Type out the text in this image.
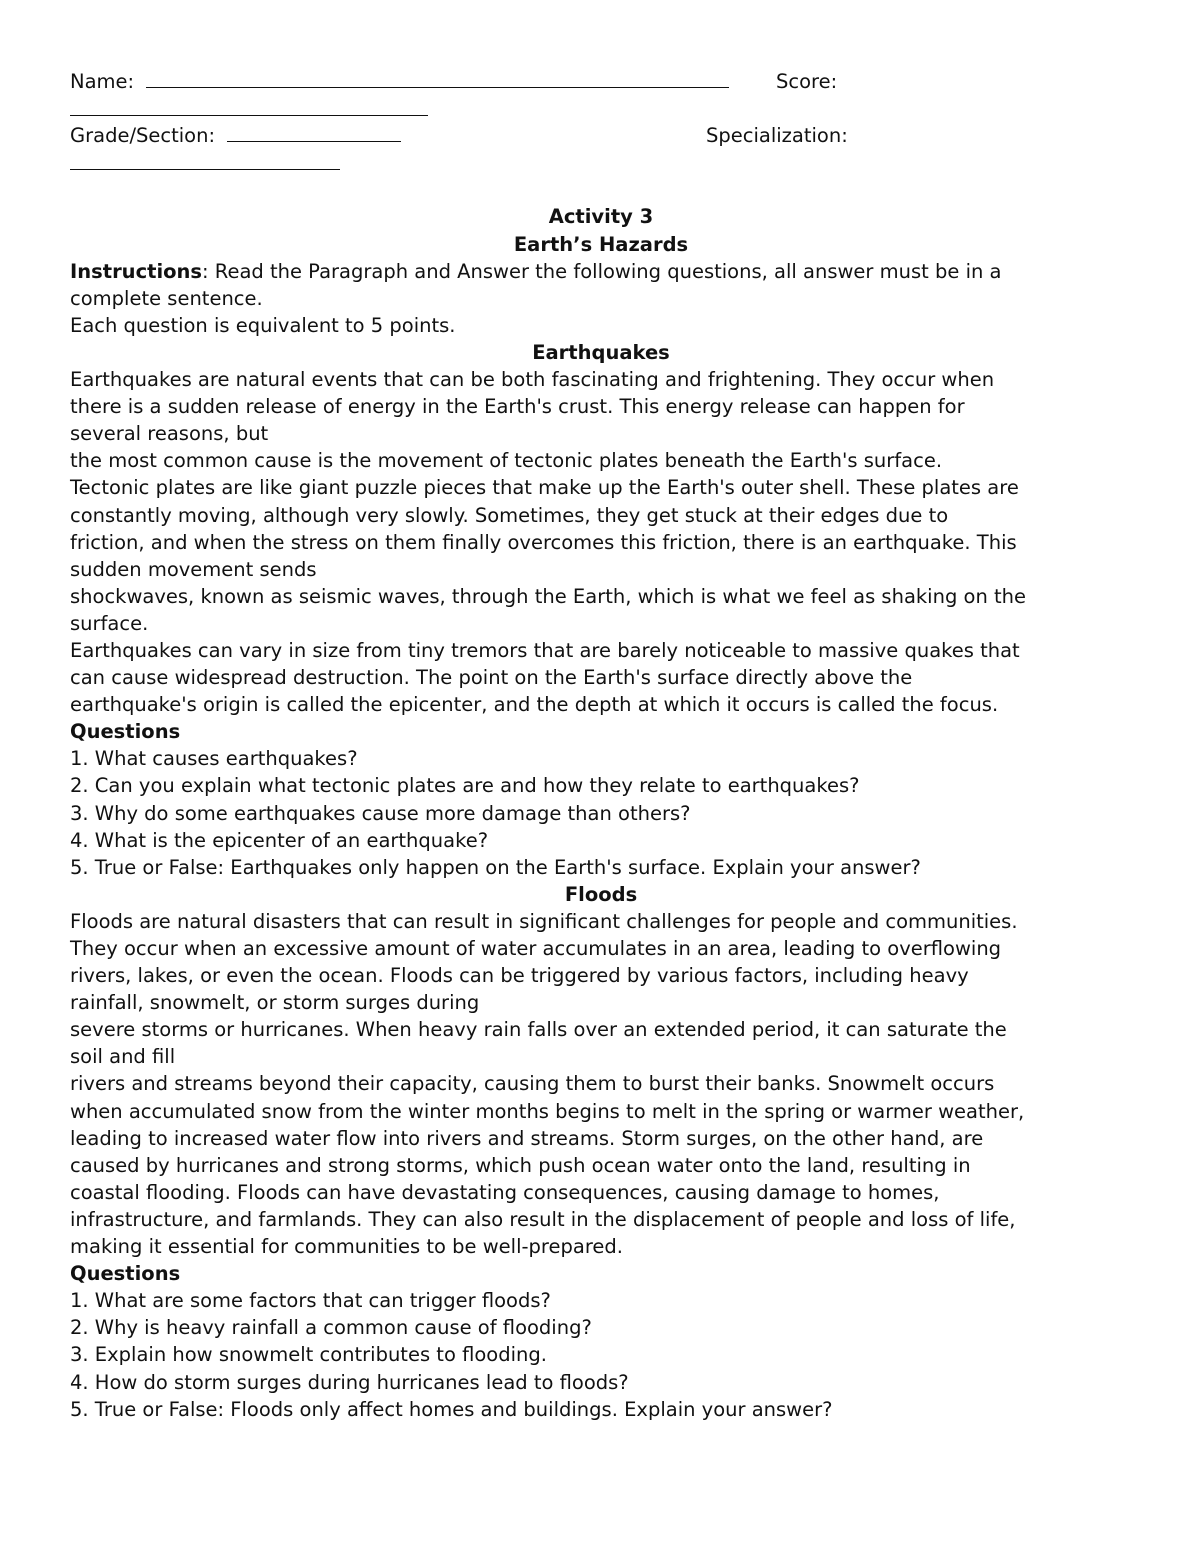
Name:	Score:
Grade/Section:	Specialization:
Activity 3
Earth’s Hazards
Instructions: Read the Paragraph and Answer the following questions, all answer must be in a
complete sentence.
Each question is equivalent to 5 points.
Earthquakes
Earthquakes are natural events that can be both fascinating and frightening. They occur when
there is a sudden release of energy in the Earth's crust. This energy release can happen for
several reasons, but
the most common cause is the movement of tectonic plates beneath the Earth's surface.
Tectonic plates are like giant puzzle pieces that make up the Earth's outer shell. These plates are
constantly moving, although very slowly. Sometimes, they get stuck at their edges due to
friction, and when the stress on them finally overcomes this friction, there is an earthquake. This
sudden movement sends
shockwaves, known as seismic waves, through the Earth, which is what we feel as shaking on the
surface.
Earthquakes can vary in size from tiny tremors that are barely noticeable to massive quakes that
can cause widespread destruction. The point on the Earth's surface directly above the
earthquake's origin is called the epicenter, and the depth at which it occurs is called the focus.
Questions
1. What causes earthquakes?
2. Can you explain what tectonic plates are and how they relate to earthquakes?
3. Why do some earthquakes cause more damage than others?
4. What is the epicenter of an earthquake?
5. True or False: Earthquakes only happen on the Earth's surface. Explain your answer?
Floods
Floods are natural disasters that can result in significant challenges for people and communities.
They occur when an excessive amount of water accumulates in an area, leading to overflowing
rivers, lakes, or even the ocean. Floods can be triggered by various factors, including heavy
rainfall, snowmelt, or storm surges during
severe storms or hurricanes. When heavy rain falls over an extended period, it can saturate the
soil and fill
rivers and streams beyond their capacity, causing them to burst their banks. Snowmelt occurs
when accumulated snow from the winter months begins to melt in the spring or warmer weather,
leading to increased water flow into rivers and streams. Storm surges, on the other hand, are
caused by hurricanes and strong storms, which push ocean water onto the land, resulting in
coastal flooding. Floods can have devastating consequences, causing damage to homes,
infrastructure, and farmlands. They can also result in the displacement of people and loss of life,
making it essential for communities to be well-prepared.
Questions
1. What are some factors that can trigger floods?
2. Why is heavy rainfall a common cause of flooding?
3. Explain how snowmelt contributes to flooding.
4. How do storm surges during hurricanes lead to floods?
5. True or False: Floods only affect homes and buildings. Explain your answer?
